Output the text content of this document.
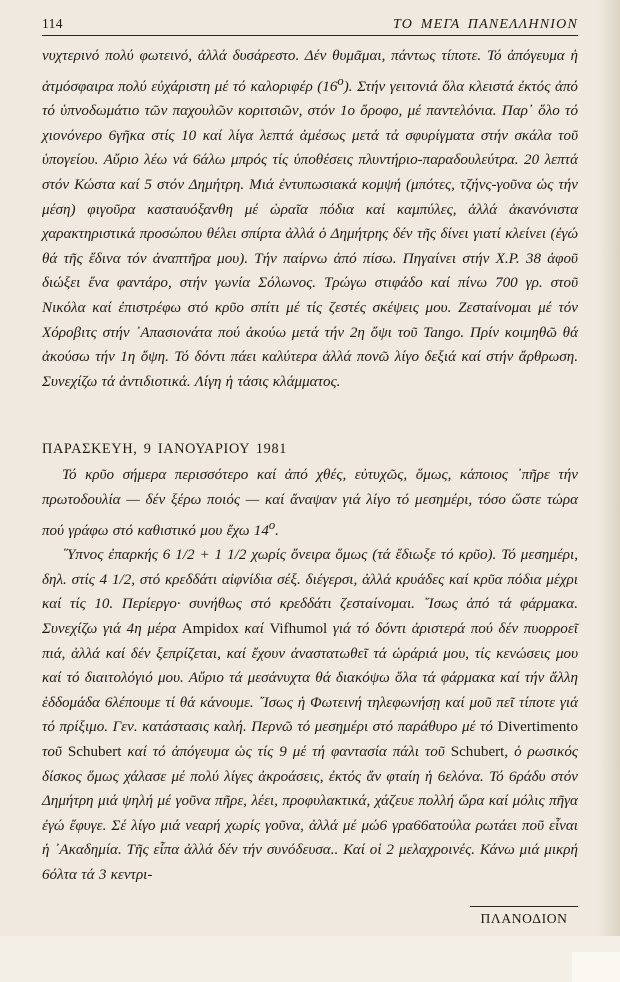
114	ΤΟ ΜΕΓΑ ΠΑΝΕΛΛΗΝΙΟΝ

νυχτερινό πολύ φωτεινό, ἀλλά δυσάρεστο. Δέν θυμᾶμαι, πάντως τίποτε. Τό ἀπόγευμα ἡ ἀτμόσφαιρα πολύ εὐχάριστη μέ τό καλοριφέρ $(16^o)$. Στήν γειτονιά ὅλα κλειστά ἐκτός ἀπό τό ὑπνοδωμάτιο τῶν παχουλῶν κοριτσιῶν, στόν 1ο ὄροφο, μέ παντελόνια. Παρ᾿ ὅλο τό χιονόνερο 6γῆκα στίς 10 καί λίγα λεπτά ἀμέσως μετά τά σφυρίγματα στήν σκάλα τοῦ ὑπογείου. Αὔριο λέω νά 6άλω μπρός τίς ὑποθέσεις πλυντήριο-παραδουλεύτρα. 20 λεπτά στόν Κώστα καί 5 στόν Δημήτρη. Μιά ἐντυπωσιακά κομψή (μπότες, τζήνς-γοῦνα ὡς τήν μέση) φιγοῦρα κασταυόξανθη μέ ὡραῖα πόδια καί καμπύλες, ἀλλά ἀκανόνιστα χαρακτηριστικά προσώπου θέλει σπίρτα ἀλλά ὁ Δημήτρης δέν τῆς δίνει γιατί κλείνει (ἐγώ θά τῆς ἔδινα τόν ἀναπτῆρα μου). Τήν παίρνω ἀπό πίσω. Πηγαίνει στήν Χ.Ρ. 38 ἀφοῦ διώξει ἕνα φαντάρο, στήν γωνία Σόλωνος. Τρώγω στιφάδο καί πίνω 700 γρ. στοῦ Νικόλα καί ἐπιστρέφω στό κρῦο σπίτι μέ τίς ζεστές σκέψεις μου. Ζεσταίνομαι μέ τόν Χόροβιτς στήν ᾿Απασιονάτα πού ἀκούω μετά τήν 2η ὄψι τοῦ Tango. Πρίν κοιμηθῶ θά ἀκούσω τήν 1η ὄψη. Τό δόντι πάει καλύτερα ἀλλά πονῶ λίγο δεξιά καί στήν ἄρθρωση. Συνεχίζω τά ἀντιδιοτικά. Λίγη ἡ τάσις κλάμματος.

ΠΑΡΑΣΚΕΥΗ, 9 ΙΑΝΟΥΑΡΙΟΥ 1981

Τό κρῦο σήμερα περισσότερο καί ἀπό χθές, εὐτυχῶς, ὅμως, κάποιος ᾿πῆρε τήν πρωτοδουλία — δέν ξέρω ποιός — καί ἄναψαν γιά λίγο τό μεσημέρι, τόσο ὥστε τώρα πού γράφω στό καθιστικό μου ἔχω $14^o$.

῞Υπνος ἐπαρκής 6 1/2 + 1 1/2 χωρίς ὄνειρα ὅμως (τά ἔδιωξε τό κρῦο). Τό μεσημέρι, δηλ. στίς 4 1/2, στό κρεδδάτι αἰφνίδια σέξ. διέγερσι, ἀλλά κρυάδες καί κρῦα πόδια μέχρι καί τίς 10. Περίεργο· συνήθως στό κρεδδάτι ζεσταίνομαι. ῎Ισως ἀπό τά φάρμακα. Συνεχίζω γιά 4η μέρα Ampidox καί Vifhumol γιά τό δόντι ἀριστερά πού δέν πυορροεῖ πιά, ἀλλά καί δέν ξεπρίζεται, καί ἔχουν ἀναστατωθεῖ τά ὡράριά μου, τίς κενώσεις μου καί τό διαιτολόγιό μου. Αὔριο τά μεσάνυχτα θά διακόψω ὅλα τά φάρμακα καί τήν ἄλλη ἑδδομάδα 6λέπουμε τί θά κάνουμε. ῎Ισως ἡ Φωτεινή τηλεφωνήσῃ καί μοῦ πεῖ τίποτε γιά τό πρίξιμο. Γεν. κατάστασις καλή. Περνῶ τό μεσημέρι στό παράθυρο μέ τό Divertimento τοῦ Schubert καί τό ἀπόγευμα ὡς τίς 9 μέ τή φαντασία πάλι τοῦ Schubert, ὁ ρωσικός δίσκος ὅμως χάλασε μέ πολύ λίγες ἀκροάσεις, ἐκτός ἄν φταίη ἡ 6ελόνα. Τό 6ράδυ στόν Δημήτρη μιά ψηλή μέ γοῦνα πῆρε, λέει, προφυλακτικά, χάζευε πολλή ὥρα καί μόλις πῆγα ἐγώ ἔφυγε. Σέ λίγο μιά νεαρή χωρίς γοῦνα, ἀλλά μέ μώ6 γρα66ατούλα ρωτάει ποῦ εἶναι ἡ ᾿Ακαδημία. Τῆς εἶπα ἀλλά δέν τήν συνόδευσα.. Καί οἱ 2 μελαχροινές. Κάνω μιά μικρή 6όλτα τά 3 κεντρι-

ΠΛΑΝΟΔΙΟΝ
